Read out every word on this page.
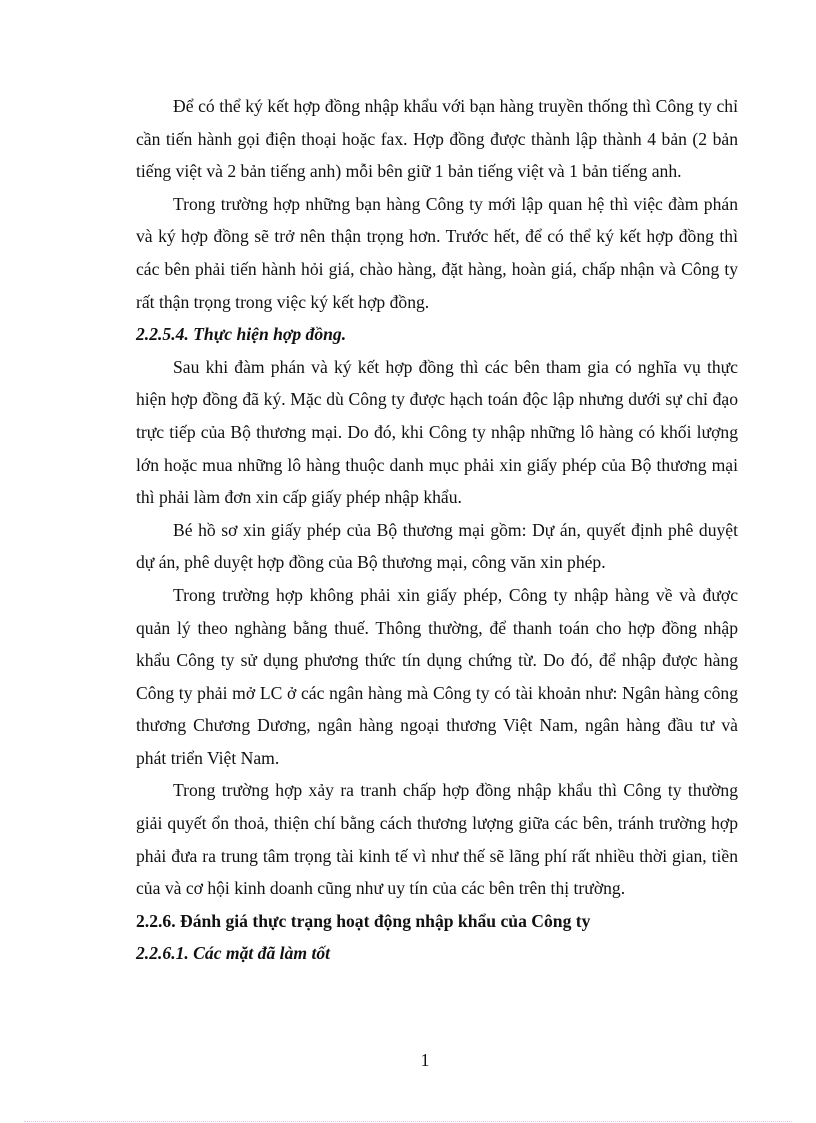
Để có thể ký kết hợp đồng nhập khẩu với bạn hàng truyền thống thì Công ty chỉ cần tiến hành gọi điện thoại hoặc fax. Hợp đồng được thành lập thành 4 bản (2 bản tiếng việt và 2 bản tiếng anh) mỗi bên giữ 1 bản tiếng việt và 1 bản tiếng anh.

Trong trường hợp những bạn hàng Công ty mới lập quan hệ thì việc đàm phán và ký hợp đồng sẽ trở nên thận trọng hơn. Trước hết, để có thể ký kết hợp đồng thì các bên phải tiến hành hỏi giá, chào hàng, đặt hàng, hoàn giá, chấp nhận và Công ty rất thận trọng trong việc ký kết hợp đồng.

2.2.5.4. Thực hiện hợp đồng.

Sau khi đàm phán và ký kết hợp đồng thì các bên tham gia có nghĩa vụ thực hiện hợp đồng đã ký. Mặc dù Công ty được hạch toán độc lập nhưng dưới sự chỉ đạo trực tiếp của Bộ thương mại. Do đó, khi Công ty nhập những lô hàng có khối lượng lớn hoặc mua những lô hàng thuộc danh mục phải xin giấy phép của Bộ thương mại thì phải làm đơn xin cấp giấy phép nhập khẩu.

Bé hồ sơ xin giấy phép của Bộ thương mại gồm: Dự án, quyết định phê duyệt dự án, phê duyệt hợp đồng của Bộ thương mại, công văn xin phép.

Trong trường hợp không phải xin giấy phép, Công ty nhập hàng về và được quản lý theo nghàng bằng thuế. Thông thường, để thanh toán cho hợp đồng nhập khẩu Công ty sử dụng phương thức tín dụng chứng từ. Do đó, để nhập được hàng Công ty phải mở LC ở các ngân hàng mà Công ty có tài khoản như: Ngân hàng công thương Chương Dương, ngân hàng ngoại thương Việt Nam, ngân hàng đầu tư và phát triển Việt Nam.

Trong trường hợp xảy ra tranh chấp hợp đồng nhập khẩu thì Công ty thường giải quyết ổn thoả, thiện chí bằng cách thương lượng giữa các bên, tránh trường hợp phải đưa ra trung tâm trọng tài kinh tế vì như thế sẽ lãng phí rất nhiều thời gian, tiền của và cơ hội kinh doanh cũng như uy tín của các bên trên thị trường.

2.2.6. Đánh giá thực trạng hoạt động nhập khẩu của Công ty

2.2.6.1. Các mặt đã làm tốt

1
